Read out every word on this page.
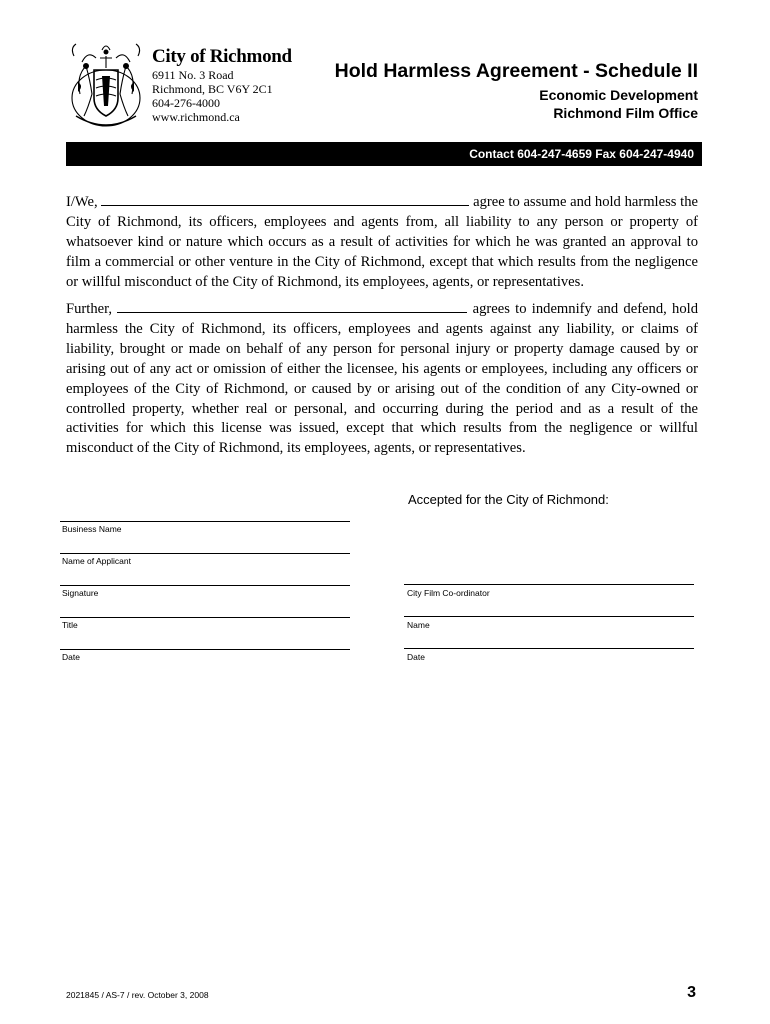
City of Richmond
6911 No. 3 Road
Richmond, BC V6Y 2C1
604-276-4000
www.richmond.ca
Hold Harmless Agreement - Schedule II
Economic Development
Richmond Film Office
Contact 604-247-4659 Fax 604-247-4940
I/We,	agree to assume and hold harmless the City of Richmond, its officers, employees and agents from, all liability to any person or property of whatsoever kind or nature which occurs as a result of activities for which he was granted an approval to film a commercial or other venture in the City of Richmond, except that which results from the negligence or willful misconduct of the City of Richmond, its employees, agents, or representatives.
Further,	agrees to indemnify and defend, hold harmless the City of Richmond, its officers, employees and agents against any liability, or claims of liability, brought or made on behalf of any person for personal injury or property damage caused by or arising out of any act or omission of either the licensee, his agents or employees, including any officers or employees of the City of Richmond, or caused by or arising out of the condition of any City-owned or controlled property, whether real or personal, and occurring during the period and as a result of the activities for which this license was issued, except that which results from the negligence or willful misconduct of the City of Richmond, its employees, agents, or representatives.
Accepted for the City of Richmond:
Business Name
Name of Applicant
Signature
Title
Date
City Film Co-ordinator
Name
Date
2021845 / AS-7 / rev. October 3, 2008	3
